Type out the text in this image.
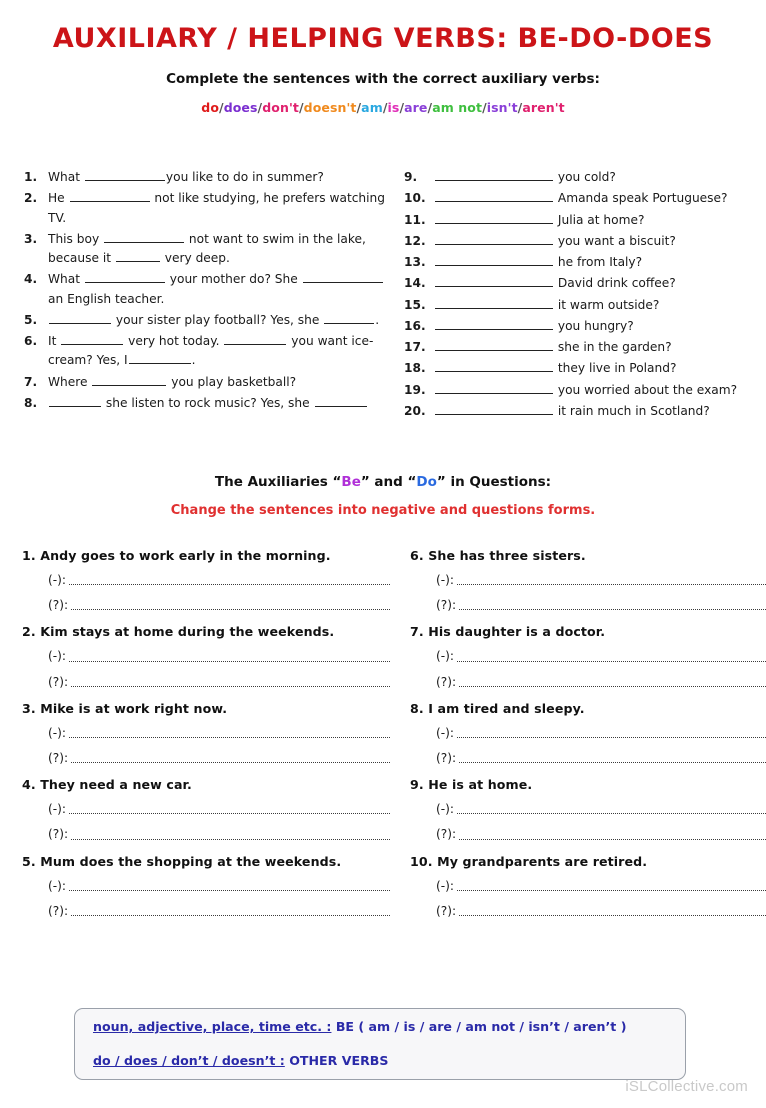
AUXILIARY / HELPING VERBS: BE-DO-DOES
Complete the sentences with the correct auxiliary verbs:
do/does/don't/doesn't/am/is/are/am not/isn't/aren't
1. What	you like to do in summer?
2. He	not like studying, he prefers watching TV.
3. This boy	not want to swim in the lake, because it	very deep.
4. What	your mother do? She  an English teacher.
5.	your sister play football? Yes, she	.
6. It	very hot today.	you want ice-cream? Yes, I	.
7. Where	you play basketball?
8.	she listen to rock music? Yes, she
9.	you cold?
10.	Amanda speak Portuguese?
11.	Julia at home?
12.	you want a biscuit?
13.	he from Italy?
14.	David drink coffee?
15.	it warm outside?
16.	you hungry?
17.	she in the garden?
18.	they live in Poland?
19.	you worried about the exam?
20.	it rain much in Scotland?
The Auxiliaries “Be” and “Do” in Questions:
Change the sentences into negative and questions forms.
1. Andy goes to work early in the morning.
(-):
(?):
2. Kim stays at home during the weekends.
(-):
(?):
3. Mike is at work right now.
(-):
(?):
4. They need a new car.
(-):
(?):
5. Mum does the shopping at the weekends.
(-):
(?):
6. She has three sisters.
(-):
(?):
7. His daughter is a doctor.
(-):
(?):
8. I am tired and sleepy.
(-):
(?):
9. He is at home.
(-):
(?):
10. My grandparents are retired.
(-):
(?):
noun, adjective, place, time etc. : BE ( am / is / are / am not / isn’t / aren’t )
do / does / don’t / doesn’t : OTHER VERBS
iSLCollective.com
